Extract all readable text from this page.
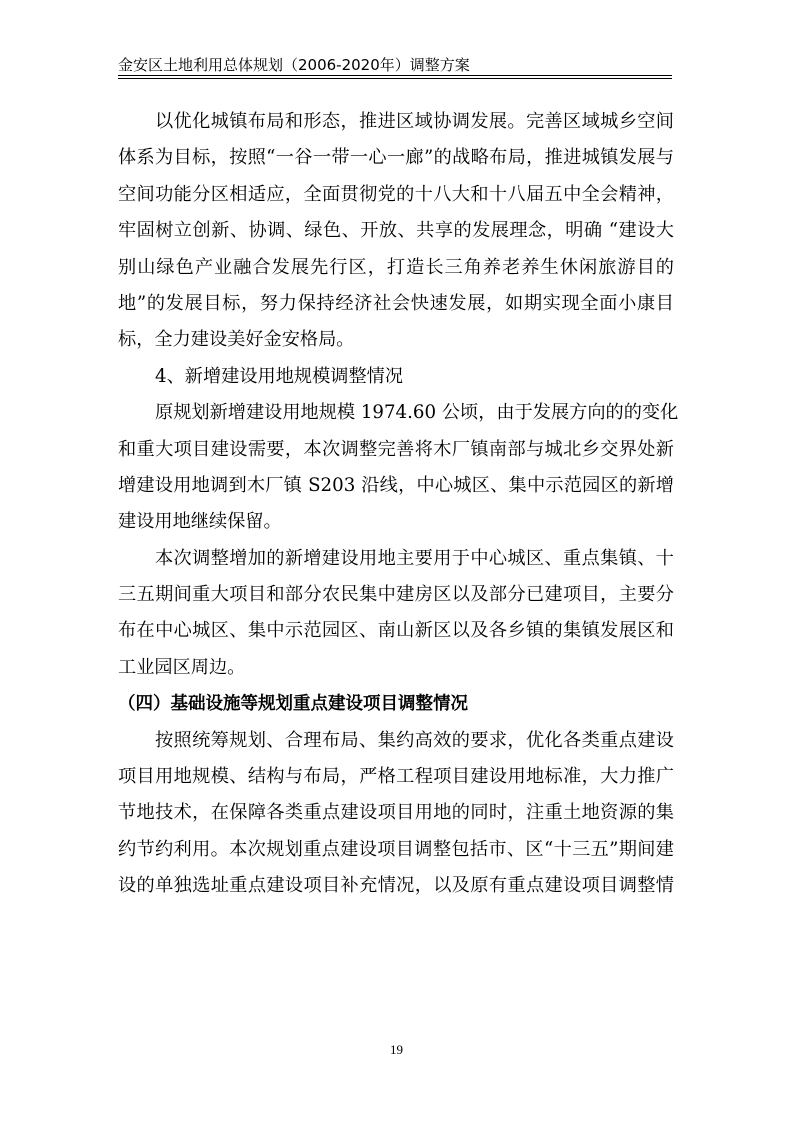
金安区土地利用总体规划（2006-2020年）调整方案
以优化城镇布局和形态，推进区域协调发展。完善区域城乡空间
体系为目标，按照“一谷一带一心一廊”的战略布局，推进城镇发展与
空间功能分区相适应，全面贯彻党的十八大和十八届五中全会精神，
牢固树立创新、协调、绿色、开放、共享的发展理念，明确 “建设大
别山绿色产业融合发展先行区，打造长三角养老养生休闲旅游目的
地”的发展目标，努力保持经济社会快速发展，如期实现全面小康目
标，全力建设美好金安格局。
4、新增建设用地规模调整情况
原规划新增建设用地规模 1974.60 公顷，由于发展方向的的变化
和重大项目建设需要，本次调整完善将木厂镇南部与城北乡交界处新
增建设用地调到木厂镇 S203 沿线，中心城区、集中示范园区的新增
建设用地继续保留。
本次调整增加的新增建设用地主要用于中心城区、重点集镇、十
三五期间重大项目和部分农民集中建房区以及部分已建项目，主要分
布在中心城区、集中示范园区、南山新区以及各乡镇的集镇发展区和
工业园区周边。
（四）基础设施等规划重点建设项目调整情况
按照统筹规划、合理布局、集约高效的要求，优化各类重点建设
项目用地规模、结构与布局，严格工程项目建设用地标准，大力推广
节地技术，在保障各类重点建设项目用地的同时，注重土地资源的集
约节约利用。本次规划重点建设项目调整包括市、区“十三五”期间建
设的单独选址重点建设项目补充情况，以及原有重点建设项目调整情
19
